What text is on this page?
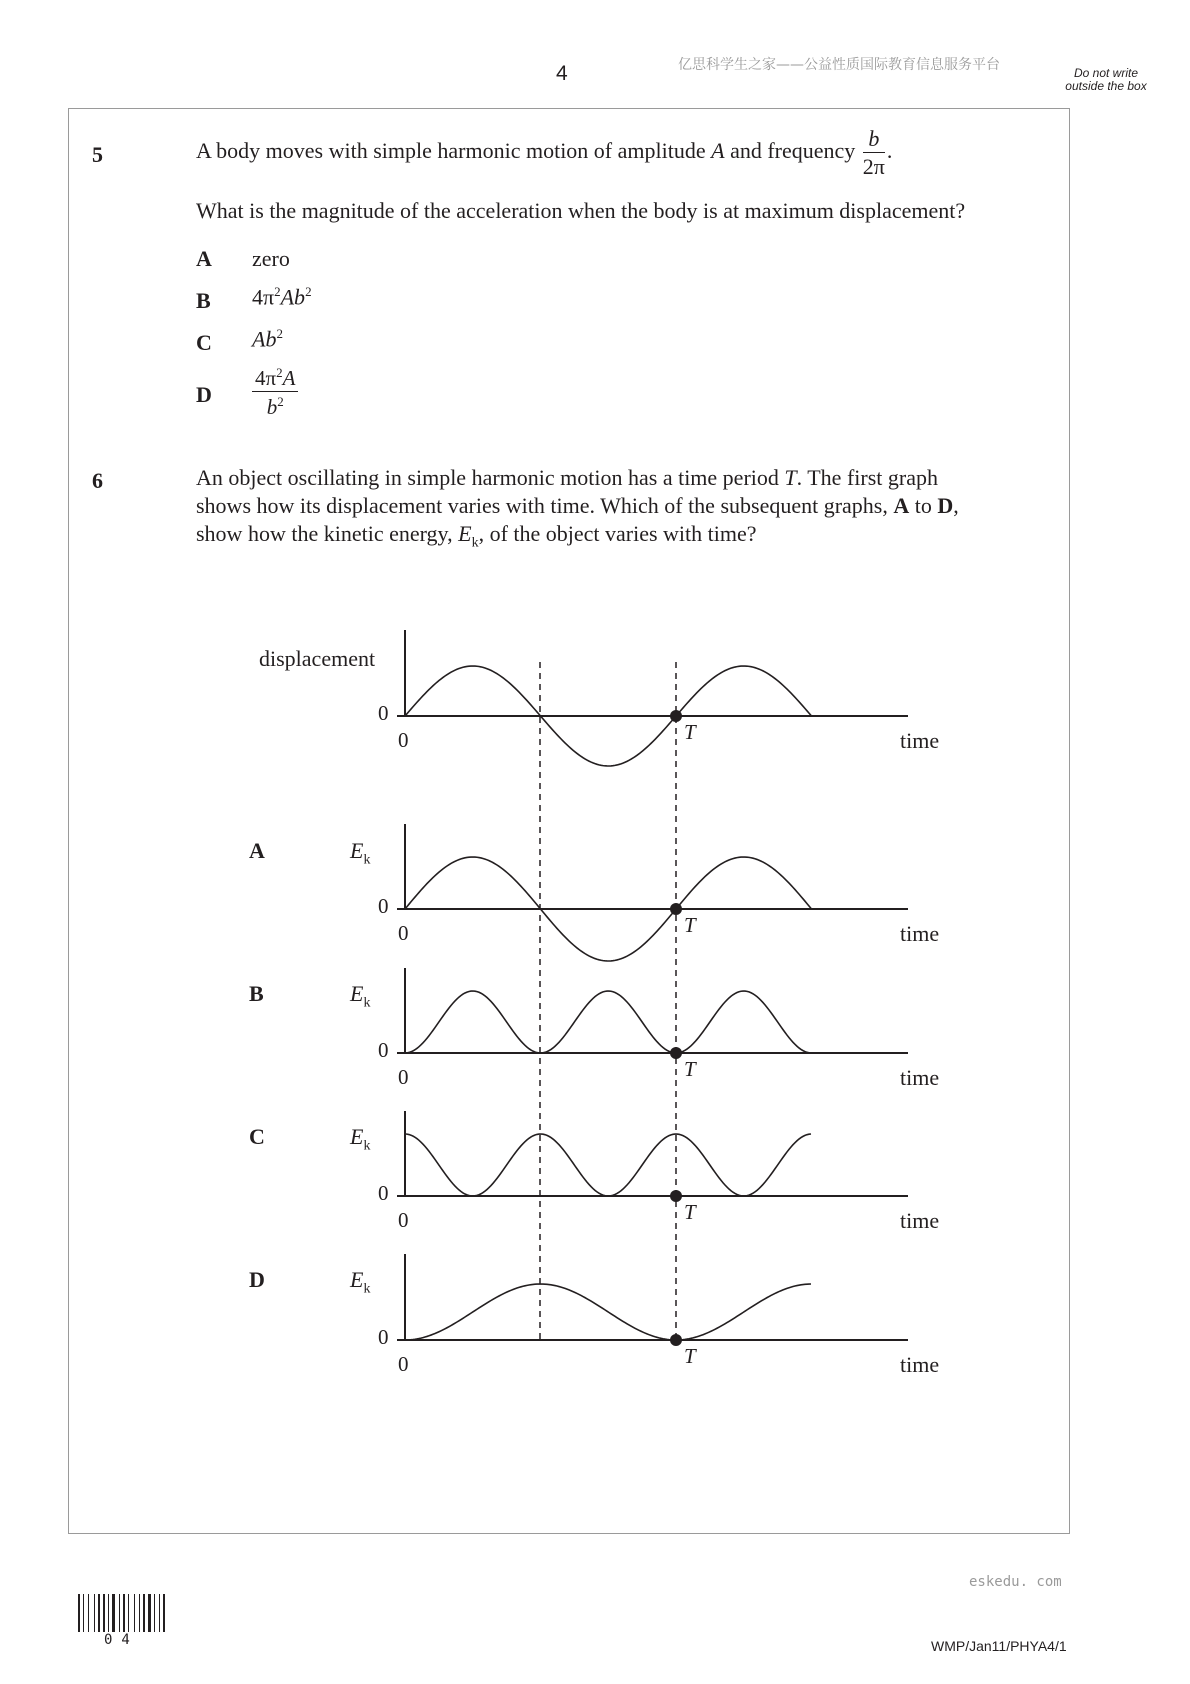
4	亿思科学生之家——公益性质国际教育信息服务平台	Do not write outside the box
5	A body moves with simple harmonic motion of amplitude A and frequency $\frac{b}{2\pi}$ .
What is the magnitude of the acceleration when the body is at maximum displacement?
A zero
B $4\pi^2Ab^2$
C Ab$^2$
D $\frac{4\pi^2A}{b^2}$
6	An object oscillating in simple harmonic motion has a time period T. The first graph
shows how its displacement varies with time. Which of the subsequent graphs, A to D,
show how the kinetic energy, $E_k$, of the object varies with time?
displacement
A
B
C
D
$E_k$
$E_k$
$E_k$
$E_k$
0
0	T	time
0
0	T	time
0
0	T	time
0
0	T	time
0
0	T	time
eskedu. com
04	WMP/Jan11/PHYA4/1
